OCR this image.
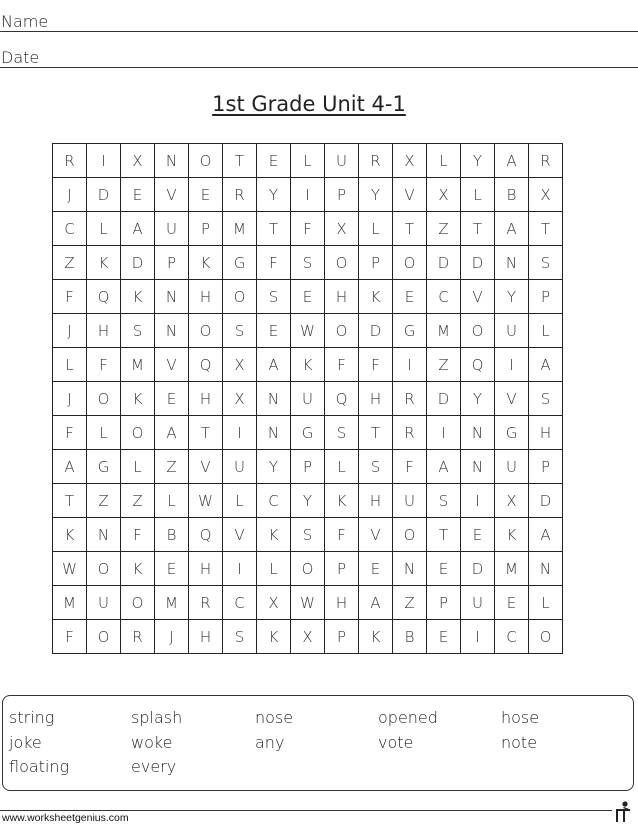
Name
Date
1st Grade Unit 4-1
R	I	X	N	O	T	E	L	U	R	X	L	Y	A	R
J	D	E	V	E	R	Y	I	P	Y	V	X	L	B	X
C	L	A	U	P	M	T	F	X	L	T	Z	T	A	T
Z	K	D	P	K	G	F	S	O	P	O	D	D	N	S
F	Q	K	N	H	O	S	E	H	K	E	C	V	Y	P
J	H	S	N	O	S	E	W	O	D	G	M	O	U	L
L	F	M	V	Q	X	A	K	F	F	I	Z	Q	I	A
J	O	K	E	H	X	N	U	Q	H	R	D	Y	V	S
F	L	O	A	T	I	N	G	S	T	R	I	N	G	H
A	G	L	Z	V	U	Y	P	L	S	F	A	N	U	P
T	Z	Z	L	W	L	C	Y	K	H	U	S	I	X	D
K	N	F	B	Q	V	K	S	F	V	O	T	E	K	A
W	O	K	E	H	I	L	O	P	E	N	E	D	M	N
M	U	O	M	R	C	X	W	H	A	Z	P	U	E	L
F	O	R	J	H	S	K	X	P	K	B	E	I	C	O
string	splash	nose	opened	hose
joke	woke	any	vote	note
floating	every
www.worksheetgenius.com
